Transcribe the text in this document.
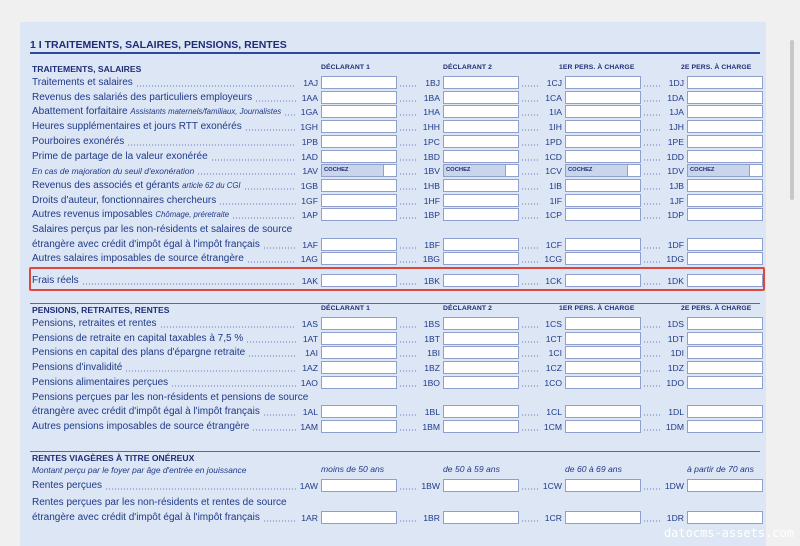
1 I TRAITEMENTS, SALAIRES, PENSIONS, RENTES
TRAITEMENTS, SALAIRES	DÉCLARANT 1	DÉCLARANT 2	1ER PERS. À CHARGE	2E PERS. À CHARGE
Traitements et salaires	1AJ	1BJ	1CJ	1DJ
Revenus des salariés des particuliers employeurs	1AA	1BA	1CA	1DA
Abattement forfaitaire Assistants maternels/familiaux, Journalistes	1GA	1HA	1IA	1JA
Heures supplémentaires et jours RTT exonérés	1GH	1HH	1IH	1JH
Pourboires exonérés	1PB	1PC	1PD	1PE
Prime de partage de la valeur exonérée	1AD	1BD	1CD	1DD
En cas de majoration du seuil d'exonération	1AV COCHEZ	1BV COCHEZ	1CV COCHEZ	1DV COCHEZ
Revenus des associés et gérants article 62 du CGI	1GB	1HB	1IB	1JB
Droits d'auteur, fonctionnaires chercheurs	1GF	1HF	1IF	1JF
Autres revenus imposables Chômage, préretraite	1AP	1BP	1CP	1DP
Salaires perçus par les non-résidents et salaires de source
étrangère avec crédit d'impôt égal à l'impôt français	1AF	1BF	1CF	1DF
Autres salaires imposables de source étrangère	1AG	1BG	1CG	1DG
Frais réels	1AK	1BK	1CK	1DK
PENSIONS, RETRAITES, RENTES	DÉCLARANT 1	DÉCLARANT 2	1ER PERS. À CHARGE	2E PERS. À CHARGE
Pensions, retraites et rentes	1AS	1BS	1CS	1DS
Pensions de retraite en capital taxables à 7,5 %	1AT	1BT	1CT	1DT
Pensions en capital des plans d'épargne retraite	1AI	1BI	1CI	1DI
Pensions d'invalidité	1AZ	1BZ	1CZ	1DZ
Pensions alimentaires perçues	1AO	1BO	1CO	1DO
Pensions perçues par les non-résidents et pensions de source
étrangère avec crédit d'impôt égal à l'impôt français	1AL	1BL	1CL	1DL
Autres pensions imposables de source étrangère	1AM	1BM	1CM	1DM
RENTES VIAGÈRES À TITRE ONÉREUX
Montant perçu par le foyer par âge d'entrée en jouissance	moins de 50 ans	de 50 à 59 ans	de 60 à 69 ans	à partir de 70 ans
Rentes perçues	1AW	1BW	1CW	1DW
Rentes perçues par les non-résidents et rentes de source
étrangère avec crédit d'impôt égal à l'impôt français	1AR	1BR	1CR	1DR
datocms-assets.com
